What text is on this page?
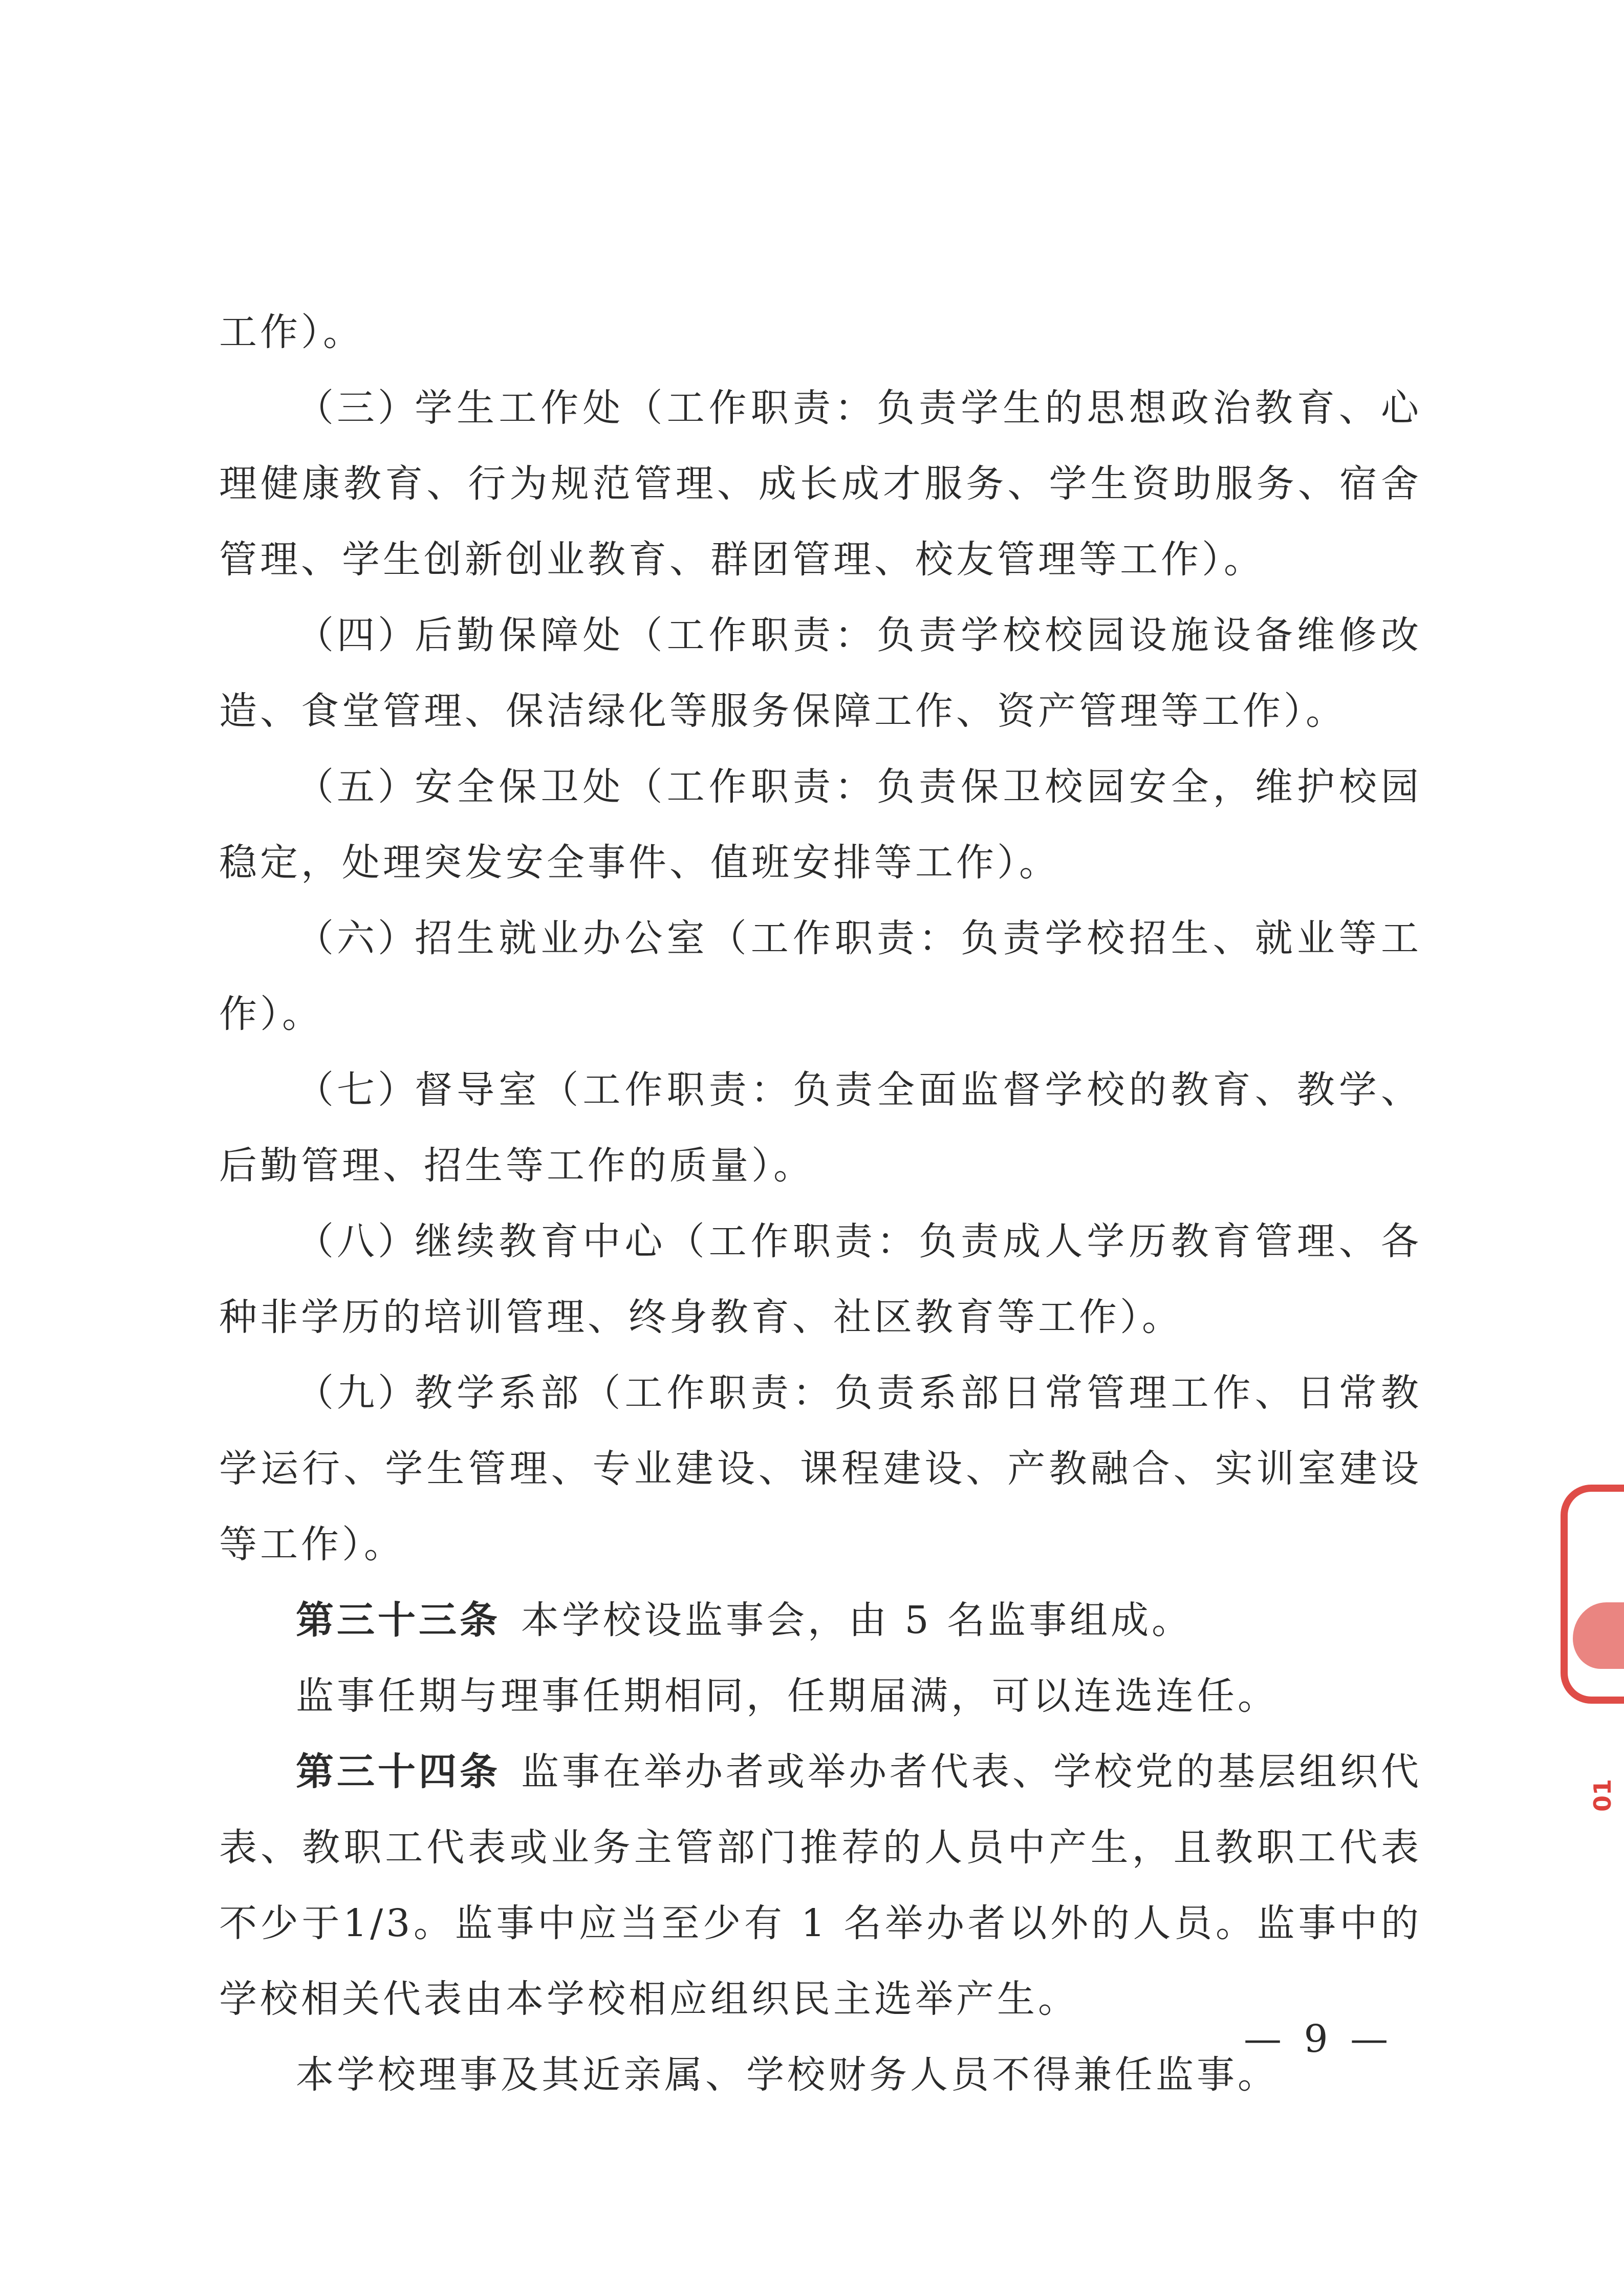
工作）。

（三）学生工作处（工作职责：负责学生的思想政治教育、心理健康教育、行为规范管理、成长成才服务、学生资助服务、宿舍管理、学生创新创业教育、群团管理、校友管理等工作）。

（四）后勤保障处（工作职责：负责学校校园设施设备维修改造、食堂管理、保洁绿化等服务保障工作、资产管理等工作）。

（五）安全保卫处（工作职责：负责保卫校园安全，维护校园稳定，处理突发安全事件、值班安排等工作）。

（六）招生就业办公室（工作职责：负责学校招生、就业等工作）。

（七）督导室（工作职责：负责全面监督学校的教育、教学、后勤管理、招生等工作的质量）。

（八）继续教育中心（工作职责：负责成人学历教育管理、各种非学历的培训管理、终身教育、社区教育等工作）。

（九）教学系部（工作职责：负责系部日常管理工作、日常教学运行、学生管理、专业建设、课程建设、产教融合、实训室建设等工作）。

第三十三条 本学校设监事会，由 5 名监事组成。

监事任期与理事任期相同，任期届满，可以连选连任。

第三十四条 监事在举办者或举办者代表、学校党的基层组织代表、教职工代表或业务主管部门推荐的人员中产生，且教职工代表不少于1/3。监事中应当至少有 1 名举办者以外的人员。监事中的学校相关代表由本学校相应组织民主选举产生。

本学校理事及其近亲属、学校财务人员不得兼任监事。

— 9 —
01
